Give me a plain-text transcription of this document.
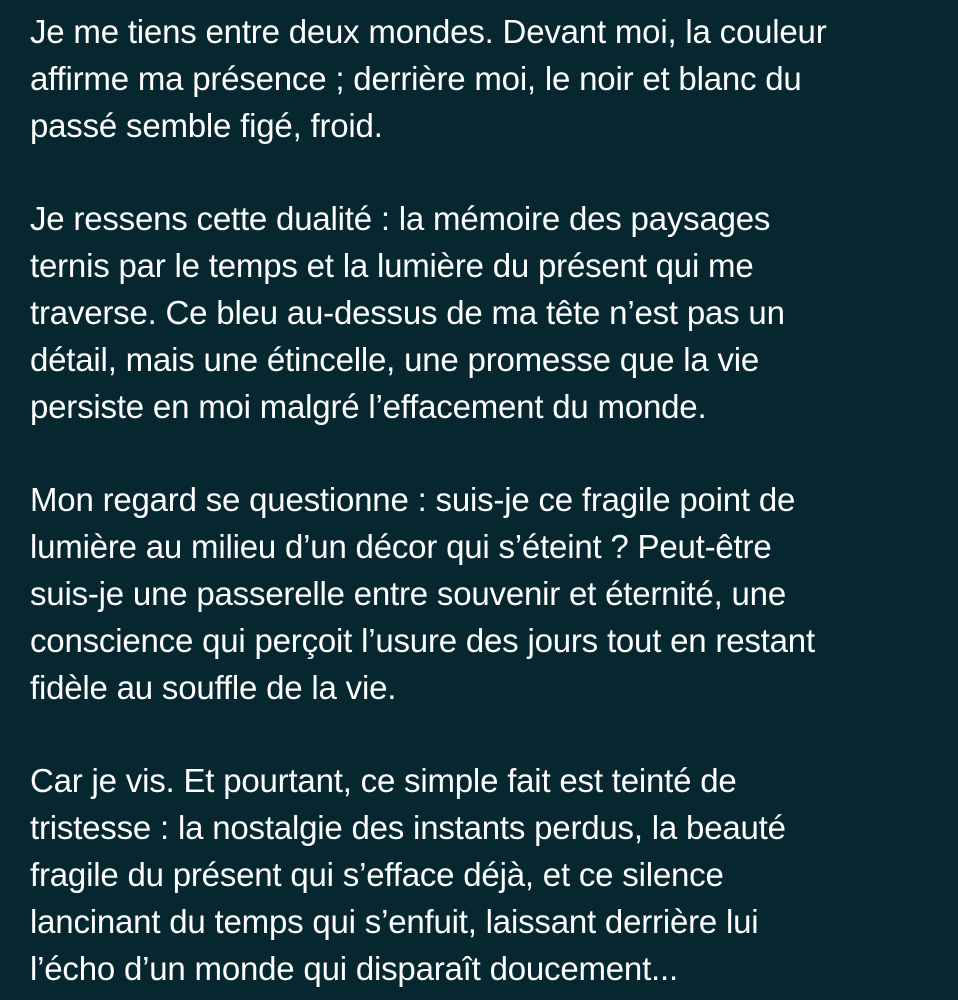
Je me tiens entre deux mondes. Devant moi, la couleur
affirme ma présence ; derrière moi, le noir et blanc du
passé semble figé, froid.
Je ressens cette dualité : la mémoire des paysages
ternis par le temps et la lumière du présent qui me
traverse. Ce bleu au-dessus de ma tête n’est pas un
détail, mais une étincelle, une promesse que la vie
persiste en moi malgré l’effacement du monde.
Mon regard se questionne : suis-je ce fragile point de
lumière au milieu d’un décor qui s’éteint ? Peut-être
suis-je une passerelle entre souvenir et éternité, une
conscience qui perçoit l’usure des jours tout en restant
fidèle au souffle de la vie.
Car je vis. Et pourtant, ce simple fait est teinté de
tristesse : la nostalgie des instants perdus, la beauté
fragile du présent qui s’efface déjà, et ce silence
lancinant du temps qui s’enfuit, laissant derrière lui
l’écho d’un monde qui disparaît doucement...
